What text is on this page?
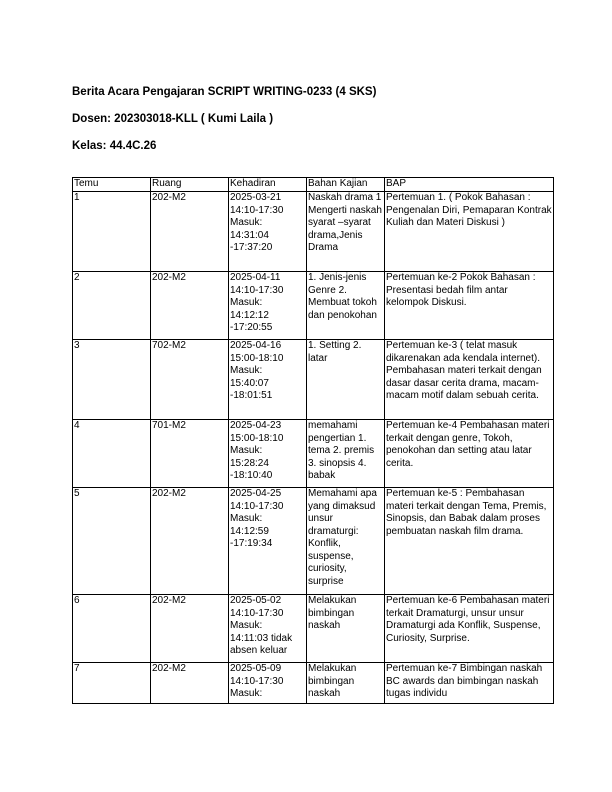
Berita Acara Pengajaran SCRIPT WRITING-0233 (4 SKS)
Dosen: 202303018-KLL ( Kumi Laila )
Kelas: 44.4C.26
Temu	Ruang	Kehadiran	Bahan Kajian	BAP
1	202-M2	2025-03-21
14:10-17:30
Masuk:
14:31:04
-17:37:20	Naskah drama 1 Mengerti naskah syarat –syarat drama,Jenis Drama	Pertemuan 1. ( Pokok Bahasan : Pengenalan Diri, Pemaparan Kontrak Kuliah dan Materi Diskusi )
2	202-M2	2025-04-11
14:10-17:30
Masuk:
14:12:12
-17:20:55	1. Jenis-jenis Genre 2. Membuat tokoh dan penokohan	Pertemuan ke-2 Pokok Bahasan : Presentasi bedah film antar kelompok Diskusi.
3	702-M2	2025-04-16
15:00-18:10
Masuk:
15:40:07
-18:01:51	1. Setting 2. latar	Pertemuan ke-3 ( telat masuk dikarenakan ada kendala internet). Pembahasan materi terkait dengan dasar dasar cerita drama, macam-macam motif dalam sebuah cerita.
4	701-M2	2025-04-23
15:00-18:10
Masuk:
15:28:24
-18:10:40	memahami pengertian 1. tema 2. premis 3. sinopsis 4. babak	Pertemuan ke-4 Pembahasan materi terkait dengan genre, Tokoh, penokohan dan setting atau latar cerita.
5	202-M2	2025-04-25
14:10-17:30
Masuk:
14:12:59
-17:19:34	Memahami apa yang dimaksud unsur dramaturgi: Konflik, suspense, curiosity, surprise	Pertemuan ke-5 : Pembahasan materi terkait dengan Tema, Premis, Sinopsis, dan Babak dalam proses pembuatan naskah film drama.
6	202-M2	2025-05-02
14:10-17:30
Masuk:
14:11:03 tidak absen keluar	Melakukan bimbingan naskah	Pertemuan ke-6 Pembahasan materi terkait Dramaturgi, unsur unsur Dramaturgi ada Konflik, Suspense, Curiosity, Surprise.
7	202-M2	2025-05-09
14:10-17:30
Masuk:	Melakukan bimbingan naskah	Pertemuan ke-7 Bimbingan naskah BC awards dan bimbingan naskah tugas individu
